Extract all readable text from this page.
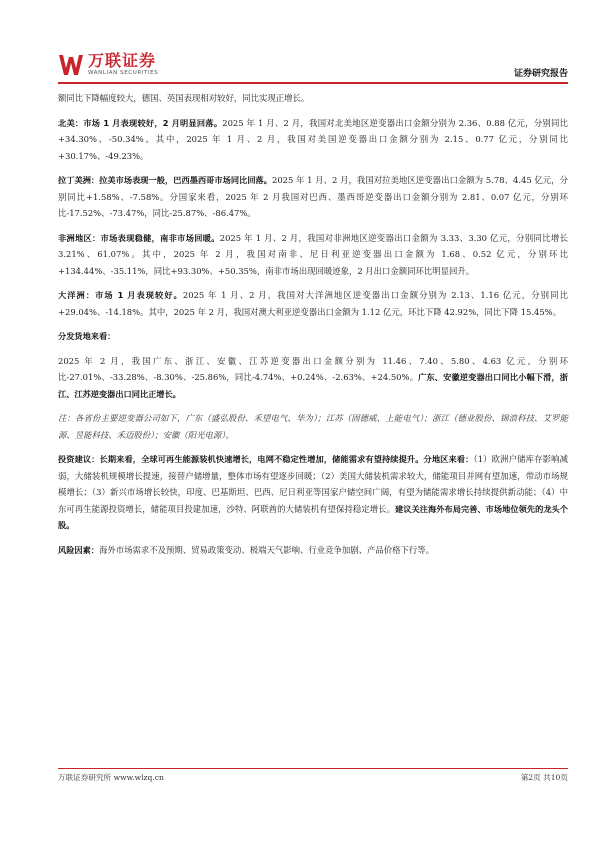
万联证券
WANLIAN SECURITIES	证券研究报告

额同比下降幅度较大，德国、英国表现相对较好，同比实现正增长。

北美：市场 1 月表现较好，2 月明显回落。2025 年 1 月、2 月，我国对北美地区逆变器出口金额分别为 2.36、0.88 亿元，分别同比+34.30%、-50.34%。其中，2025 年 1 月、2 月，我国对美国逆变器出口金额分别为 2.15、0.77 亿元，分别同比+30.17%、-49.23%。

拉丁美洲：拉美市场表现一般，巴西墨西哥市场同比回落。2025 年 1 月、2 月，我国对拉美地区逆变器出口金额为 5.78、4.45 亿元，分别同比+1.58%、-7.58%。分国家来看，2025 年 2 月我国对巴西、墨西哥逆变器出口金额分别为 2.81、0.07 亿元，分别环比-17.52%、-73.47%，同比-25.87%、-86.47%。

非洲地区：市场表现稳健，南非市场回暖。2025 年 1 月、2 月，我国对非洲地区逆变器出口金额为 3.33、3.30 亿元，分别同比增长 3.21%、61.07%。其中，2025 年 2 月，我国对南非、尼日利亚逆变器出口金额为 1.68、0.52 亿元，分别环比+134.44%、-35.11%，同比+93.30%、+50.35%，南非市场出现回暖迹象，2 月出口金额同环比明显回升。

大洋洲：市场 1 月表现较好。2025 年 1 月、2 月，我国对大洋洲地区逆变器出口金额分别为 2.13、1.16 亿元，分别同比+29.04%、-14.18%。其中，2025 年 2 月，我国对澳大利亚逆变器出口金额为 1.12 亿元，环比下降 42.92%，同比下降 15.45%。

分发货地来看：

2025 年 2 月，我国广东、浙江、安徽、江苏逆变器出口金额分别为 11.46、7.40、5.80、4.63 亿元，分别环比-27.01%、-33.28%、-8.30%、-25.86%，同比-4.74%、+0.24%、-2.63%、+24.50%。广东、安徽逆变器出口同比小幅下滑，浙江、江苏逆变器出口同比正增长。

注：各省份主要逆变器公司如下，广东（盛弘股份、禾望电气、华为）；江苏（固德威、上能电气）；浙江（德业股份、锦浪科技、艾罗能源、昱能科技、禾迈股份）；安徽（阳光电源）。

投资建议：长期来看，全球可再生能源装机快速增长，电网不稳定性增加，储能需求有望持续提升。分地区来看：（1）欧洲户储库存影响减弱，大储装机规模增长提速，接替户储增量，整体市场有望逐步回暖；（2）美国大储装机需求较大，储能项目并网有望加速，带动市场规模增长；（3）新兴市场增长较快，印度、巴基斯坦、巴西、尼日利亚等国家户储空间广阔，有望为储能需求增长持续提供新动能；（4）中东可再生能源投资增长，储能项目投建加速，沙特、阿联酋的大储装机有望保持稳定增长。建议关注海外布局完善、市场地位领先的龙头个股。

风险因素：海外市场需求不及预期、贸易政策变动、极端天气影响、行业竞争加剧、产品价格下行等。

万联证券研究所 www.wlzq.cn	第2页 共10页
